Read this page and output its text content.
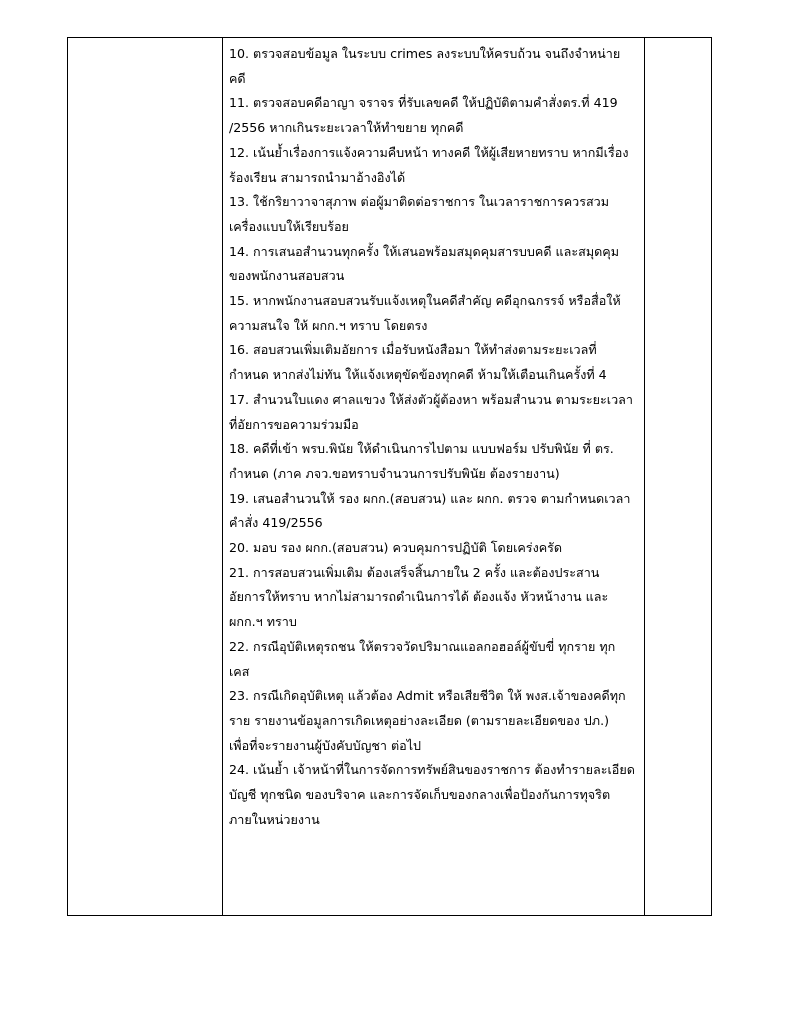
10. ตรวจสอบข้อมูล ในระบบ crimes ลงระบบให้ครบถ้วน จนถึงจำหน่าย
คดี
11. ตรวจสอบคดีอาญา จราจร ที่รับเลขคดี ให้ปฏิบัติตามคำสั่งตร.ที่ 419
/2556 หากเกินระยะเวลาให้ทำขยาย ทุกคดี
12. เน้นย้ำเรื่องการแจ้งความคืบหน้า ทางคดี ให้ผู้เสียหายทราบ หากมีเรื่อง
ร้องเรียน สามารถนำมาอ้างอิงได้
13. ใช้กริยาวาจาสุภาพ ต่อผู้มาติดต่อราชการ ในเวลาราชการควรสวม
เครื่องแบบให้เรียบร้อย
14. การเสนอสำนวนทุกครั้ง ให้เสนอพร้อมสมุดคุมสารบบคดี และสมุดคุม
ของพนักงานสอบสวน
15. หากพนักงานสอบสวนรับแจ้งเหตุในคดีสำคัญ คดีอุกฉกรรจ์ หรือสื่อให้
ความสนใจ ให้ ผกก.ฯ ทราบ โดยตรง
16. สอบสวนเพิ่มเติมอัยการ เมื่อรับหนังสือมา ให้ทำส่งตามระยะเวลที่
กำหนด หากส่งไม่ทัน ให้แจ้งเหตุขัดข้องทุกคดี ห้ามให้เตือนเกินครั้งที่ 4
17. สำนวนใบแดง ศาลแขวง ให้ส่งตัวผู้ต้องหา พร้อมสำนวน ตามระยะเวลา
ที่อัยการขอความร่วมมือ
18. คดีที่เข้า พรบ.พินัย ให้ดำเนินการไปตาม แบบฟอร์ม ปรับพินัย ที่ ตร.
กำหนด (ภาค ภจว.ขอทราบจำนวนการปรับพินัย ต้องรายงาน)
19. เสนอสำนวนให้ รอง ผกก.(สอบสวน) และ ผกก. ตรวจ ตามกำหนดเวลา
คำสั่ง 419/2556
20. มอบ รอง ผกก.(สอบสวน) ควบคุมการปฏิบัติ โดยเคร่งครัด
21. การสอบสวนเพิ่มเติม ต้องเสร็จสิ้นภายใน 2 ครั้ง และต้องประสาน
อัยการให้ทราบ หากไม่สามารถดำเนินการได้ ต้องแจ้ง หัวหน้างาน และ
ผกก.ฯ ทราบ
22. กรณีอุบัติเหตุรถชน ให้ตรวจวัดปริมาณแอลกอฮอล์ผู้ขับขี่ ทุกราย ทุก
เคส
23. กรณีเกิดอุบัติเหตุ แล้วต้อง Admit หรือเสียชีวิต ให้ พงส.เจ้าของคดีทุก
ราย รายงานข้อมูลการเกิดเหตุอย่างละเอียด (ตามรายละเอียดของ ปภ.)
เพื่อที่จะรายงานผู้บังคับบัญชา ต่อไป
24. เน้นย้ำ เจ้าหน้าที่ในการจัดการทรัพย์สินของราชการ ต้องทำรายละเอียด
บัญชี ทุกชนิด ของบริจาค และการจัดเก็บของกลางเพื่อป้องกันการทุจริต
ภายในหน่วยงาน
